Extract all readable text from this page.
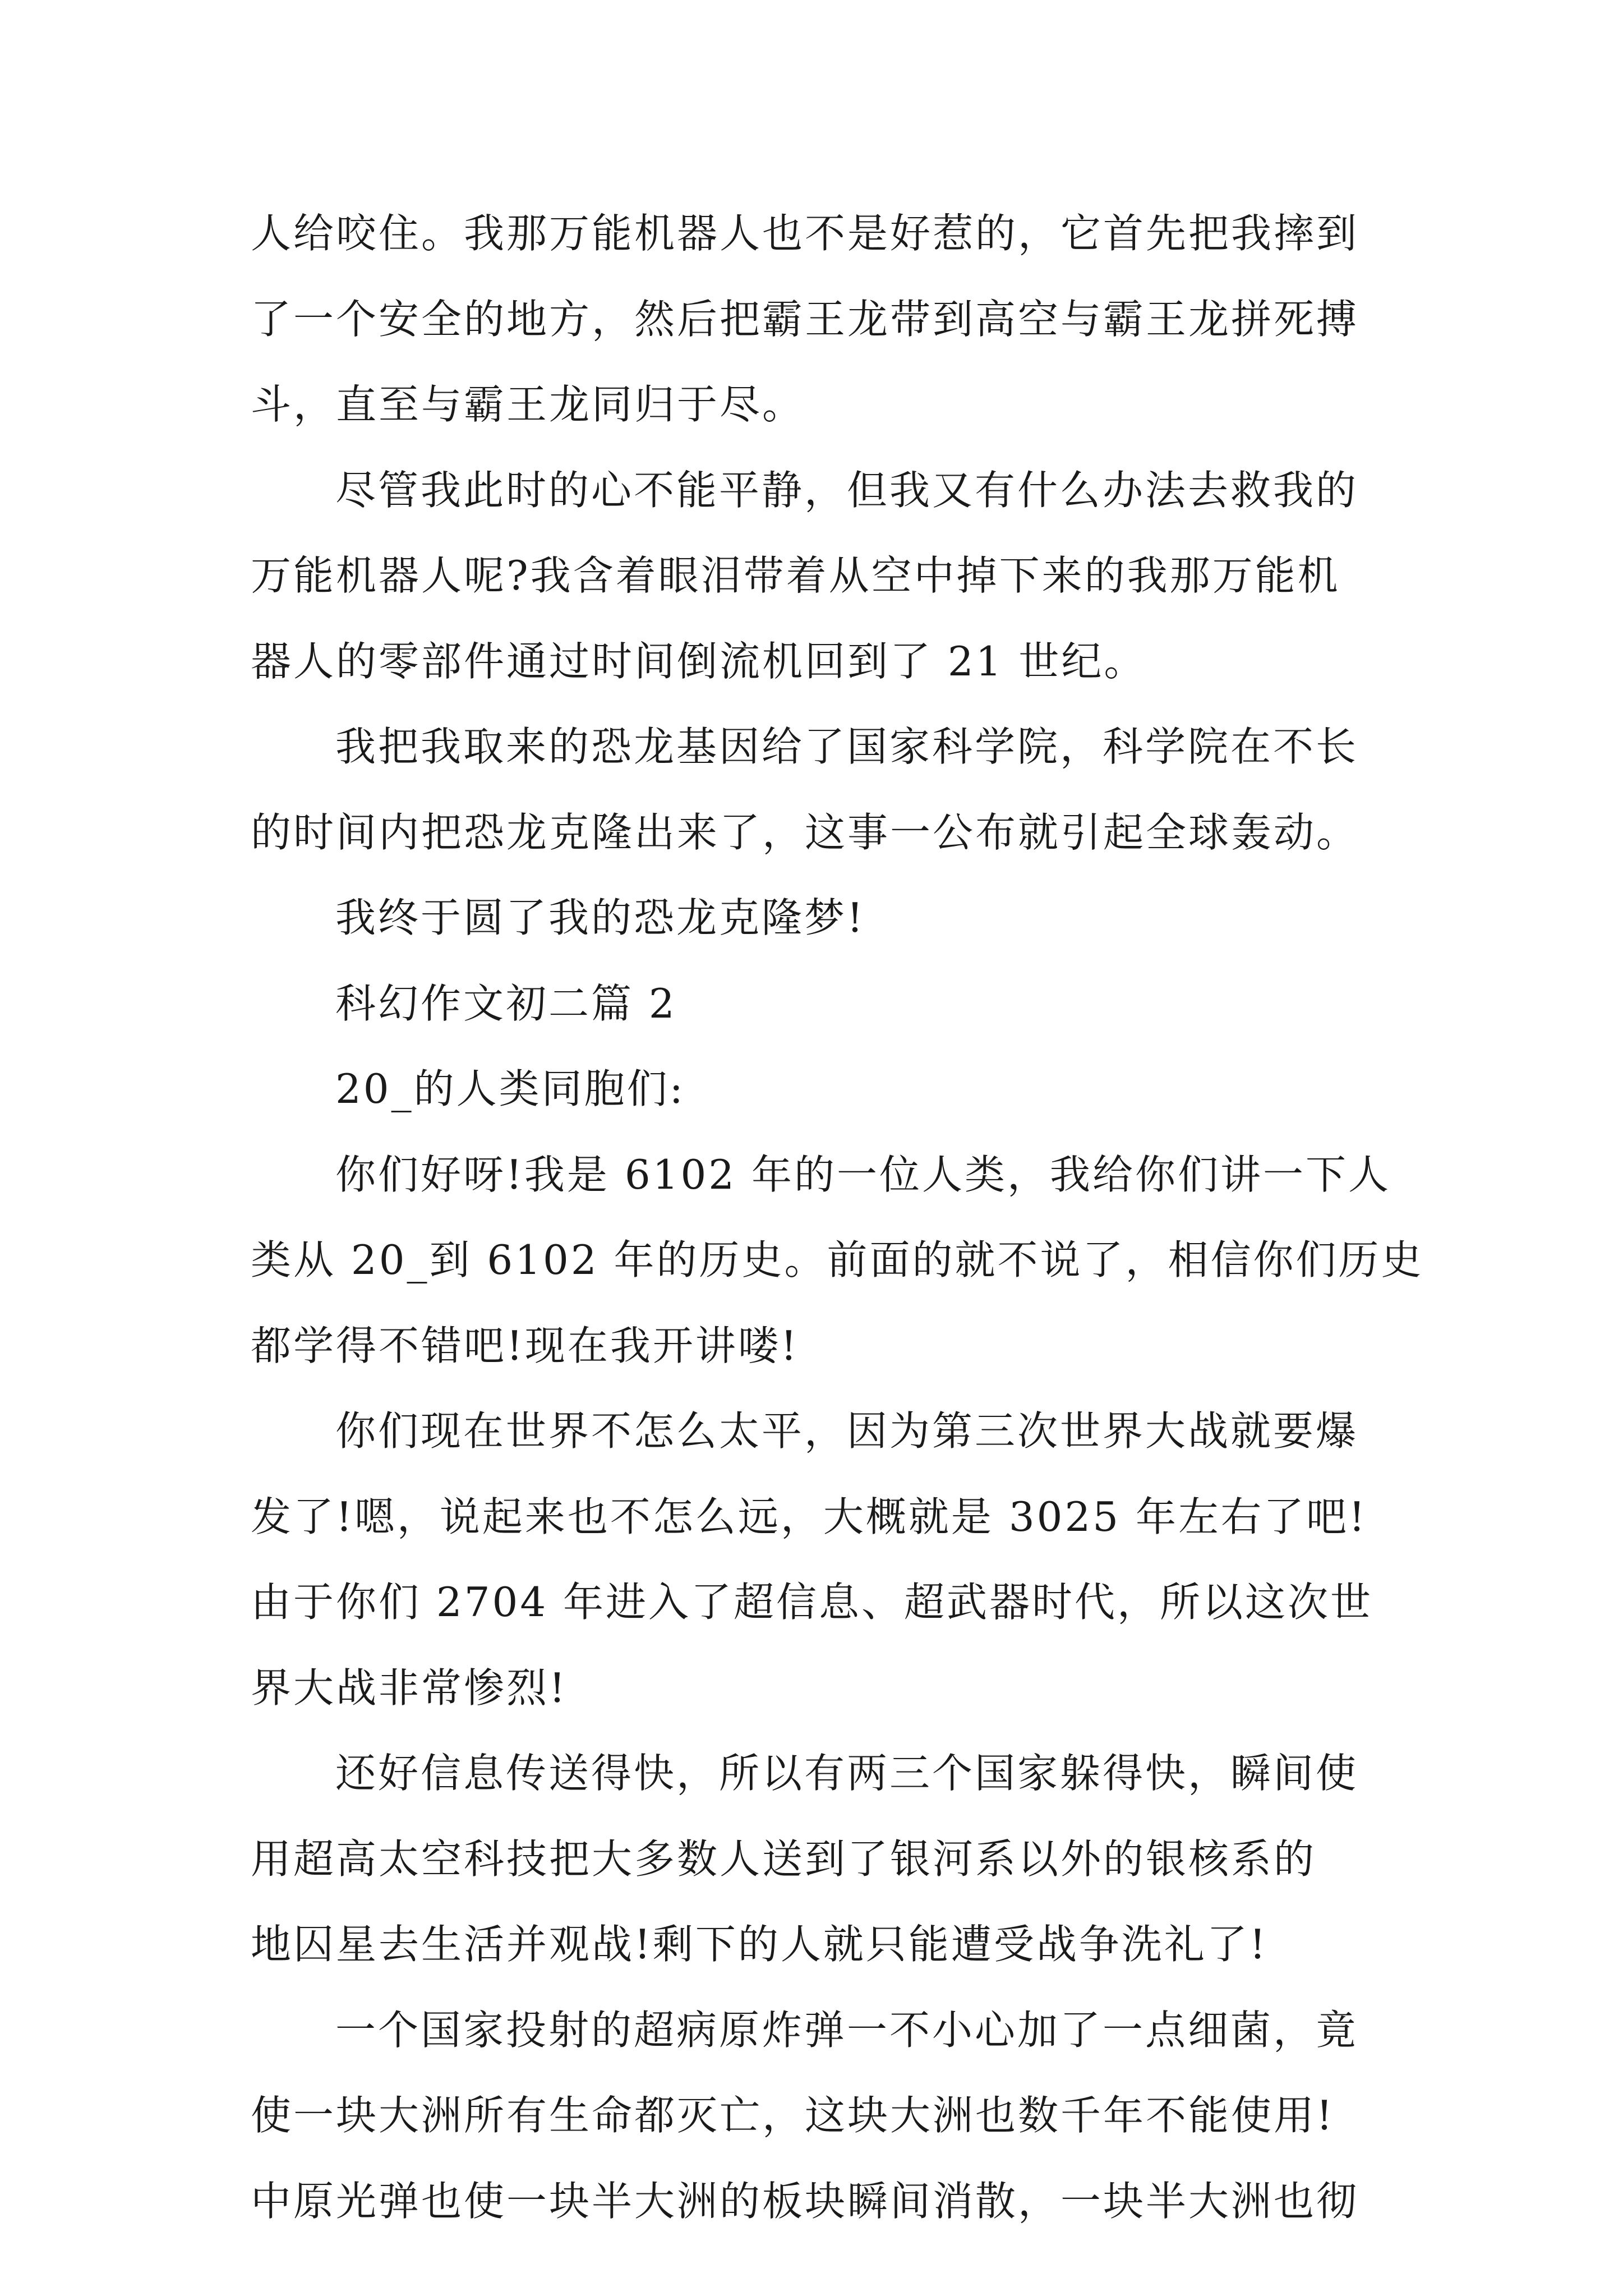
人给咬住。我那万能机器人也不是好惹的，它首先把我摔到

了一个安全的地方，然后把霸王龙带到高空与霸王龙拼死搏

斗，直至与霸王龙同归于尽。

尽管我此时的心不能平静，但我又有什么办法去救我的

万能机器人呢?我含着眼泪带着从空中掉下来的我那万能机

器人的零部件通过时间倒流机回到了 21 世纪。

我把我取来的恐龙基因给了国家科学院，科学院在不长

的时间内把恐龙克隆出来了，这事一公布就引起全球轰动。

我终于圆了我的恐龙克隆梦!

科幻作文初二篇 2

20_的人类同胞们:

你们好呀!我是 6102 年的一位人类，我给你们讲一下人

类从 20_到 6102 年的历史。前面的就不说了，相信你们历史

都学得不错吧!现在我开讲喽!

你们现在世界不怎么太平，因为第三次世界大战就要爆

发了!嗯，说起来也不怎么远，大概就是 3025 年左右了吧!

由于你们 2704 年进入了超信息、超武器时代，所以这次世

界大战非常惨烈!

还好信息传送得快，所以有两三个国家躲得快，瞬间使

用超高太空科技把大多数人送到了银河系以外的银核系的

地囚星去生活并观战!剩下的人就只能遭受战争洗礼了!

一个国家投射的超病原炸弹一不小心加了一点细菌，竟

使一块大洲所有生命都灭亡，这块大洲也数千年不能使用!

中原光弹也使一块半大洲的板块瞬间消散，一块半大洲也彻
